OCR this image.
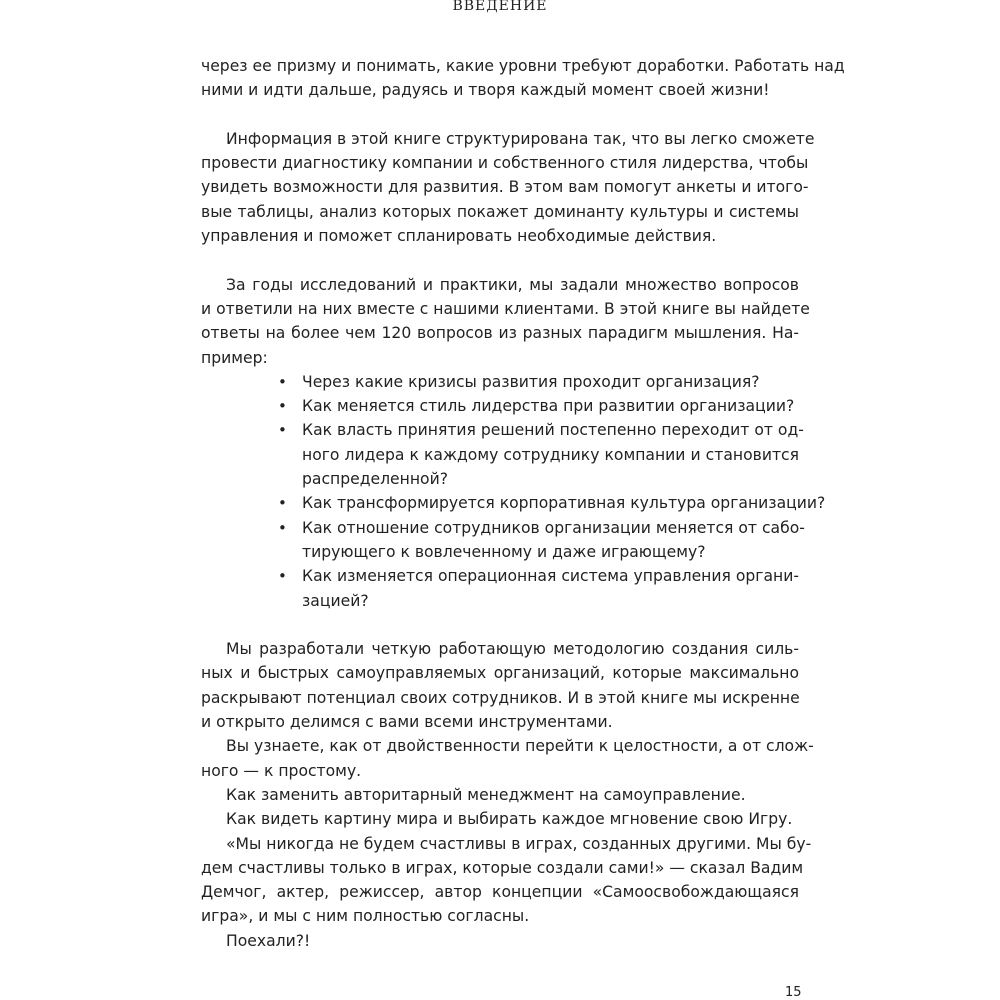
ВВЕДЕНИЕ
через ее призму и понимать, какие уровни требуют доработки. Работать над
ними и идти дальше, радуясь и творя каждый момент своей жизни!
Информация в этой книге структурирована так, что вы легко сможете
провести диагностику компании и собственного стиля лидерства, чтобы
увидеть возможности для развития. В этом вам помогут анкеты и итого-
вые таблицы, анализ которых покажет доминанту культуры и системы
управления и поможет спланировать необходимые действия.
За годы исследований и практики, мы задали множество вопросов
и ответили на них вместе с нашими клиентами. В этой книге вы найдете
ответы на более чем 120 вопросов из разных парадигм мышления. На-
пример:
• Через какие кризисы развития проходит организация?
• Как меняется стиль лидерства при развитии организации?
• Как власть принятия решений постепенно переходит от од-
ного лидера к каждому сотруднику компании и становится
распределенной?
• Как трансформируется корпоративная культура организации?
• Как отношение сотрудников организации меняется от сабо-
тирующего к вовлеченному и даже играющему?
• Как изменяется операционная система управления органи-
зацией?
Мы разработали четкую работающую методологию создания силь-
ных и быстрых самоуправляемых организаций, которые максимально
раскрывают потенциал своих сотрудников. И в этой книге мы искренне
и открыто делимся с вами всеми инструментами.
Вы узнаете, как от двойственности перейти к целостности, а от слож-
ного — к простому.
Как заменить авторитарный менеджмент на самоуправление.
Как видеть картину мира и выбирать каждое мгновение свою Игру.
«Мы никогда не будем счастливы в играх, созданных другими. Мы бу-
дем счастливы только в играх, которые создали сами!» — сказал Вадим
Демчог, актер, режиссер, автор концепции «Самоосвобождающаяся
игра», и мы с ним полностью согласны.
Поехали?!
15
